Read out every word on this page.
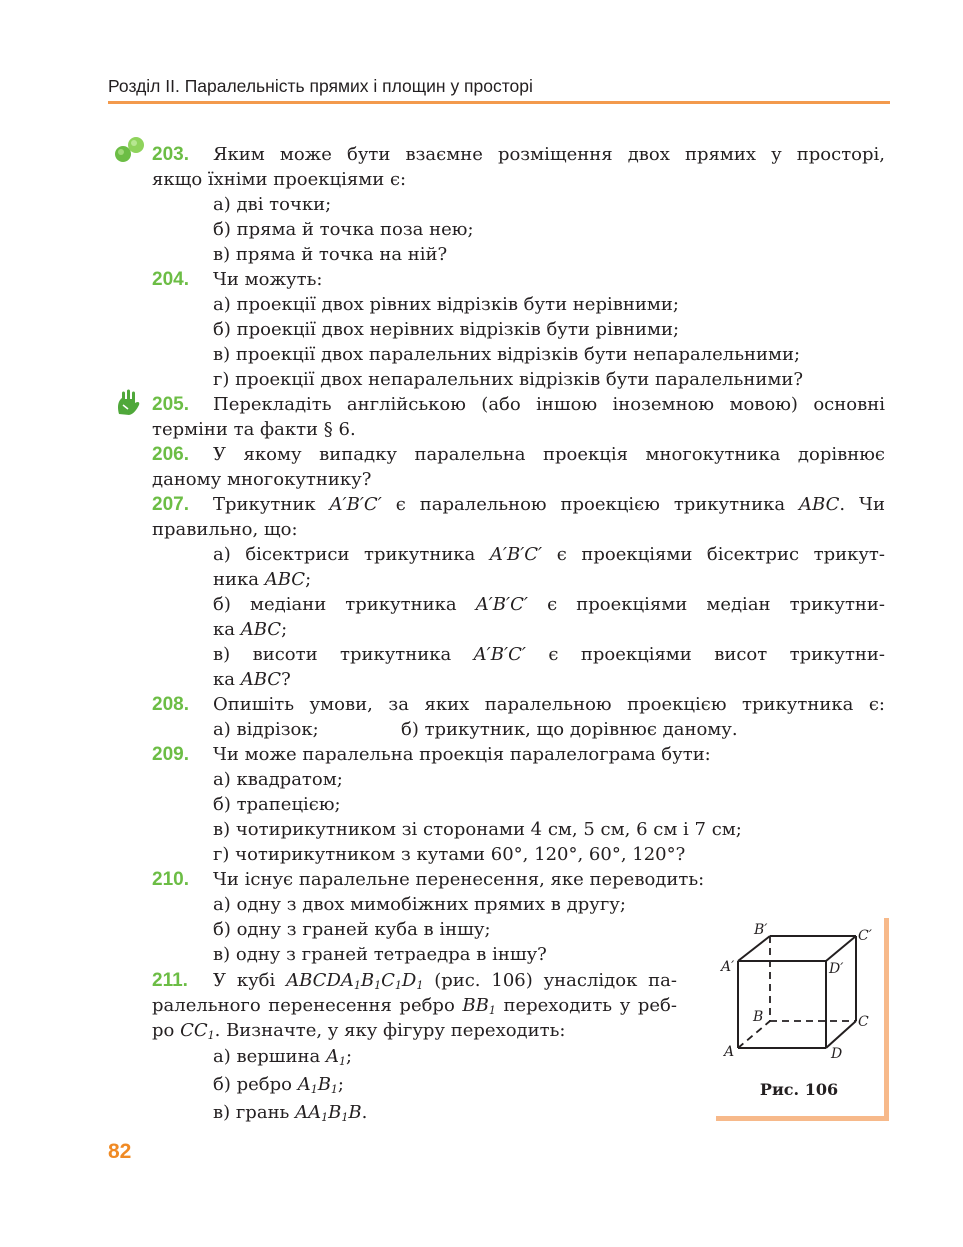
Розділ ІІ. Паралельність прямих і площин у просторі
203. Яким може бути взаємне розміщення двох прямих у просторі,
якщо їхніми проекціями є:
а) дві точки;
б) пряма й точка поза нею;
в) пряма й точка на ній?
204. Чи можуть:
а) проекції двох рівних відрізків бути нерівними;
б) проекції двох нерівних відрізків бути рівними;
в) проекції двох паралельних відрізків бути непаралельними;
г) проекції двох непаралельних відрізків бути паралельними?
205. Перекладіть англійською (або іншою іноземною мовою) основні
терміни та факти § 6.
206. У якому випадку паралельна проекція многокутника дорівнює
даному многокутнику?
207. Трикутник A′B′C′ є паралельною проекцією трикутника ABC. Чи
правильно, що:
а) бісектриси трикутника A′B′C′ є проекціями бісектрис трикут-
ника ABC;
б) медіани трикутника A′B′C′ є проекціями медіан трикутни-
ка ABC;
в) висоти трикутника A′B′C′ є проекціями висот трикутни-
ка ABC?
208. Опишіть умови, за яких паралельною проекцією трикутника є:
а) відрізок;	б) трикутник, що дорівнює даному.
209. Чи може паралельна проекція паралелограма бути:
а) квадратом;
б) трапецією;
в) чотирикутником зі сторонами 4 см, 5 см, 6 см і 7 см;
г) чотирикутником з кутами 60°, 120°, 60°, 120°?
210. Чи існує паралельне перенесення, яке переводить:
а) одну з двох мимобіжних прямих в другу;
б) одну з граней куба в іншу;
в) одну з граней тетраедра в іншу?
211. У кубі $ABCDA_1B_1C_1D_1$ (рис. 106) унаслідок па-
ралельного перенесення ребро $BB_1$ переходить у реб-
ро $CC_1$. Визначте, у яку фігуру переходить:
а) вершина $A_1$;
б) ребро $A_1B_1$;
в) грань $AA_1B_1B$.
B′	C′
A′	D′
B	C
A	D
Рис. 106
82
